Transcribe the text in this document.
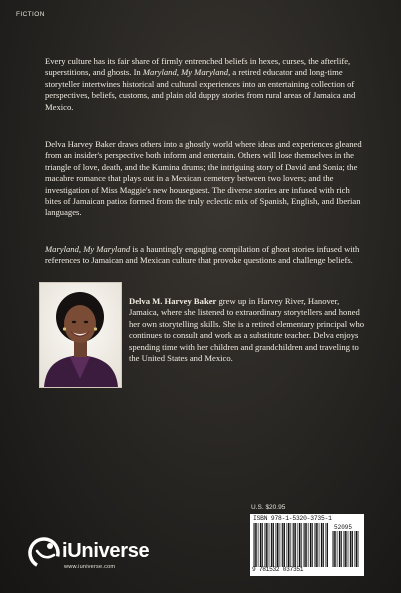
FICTION

Every culture has its fair share of firmly entrenched beliefs in hexes, curses, the afterlife, superstitions, and ghosts. In Maryland, My Maryland, a retired educator and long-time storyteller intertwines historical and cultural experiences into an entertaining collection of perspectives, beliefs, customs, and plain old duppy stories from rural areas of Jamaica and Mexico.

Delva Harvey Baker draws others into a ghostly world where ideas and experiences gleaned from an insider's perspective both inform and entertain. Others will lose themselves in the triangle of love, death, and the Kumina drums; the intriguing story of David and Sonia; the macabre romance that plays out in a Mexican cemetery between two lovers; and the investigation of Miss Maggie's new houseguest. The diverse stories are infused with rich bites of Jamaican patios formed from the truly eclectic mix of Spanish, English, and Iberian languages.

Maryland, My Maryland is a hauntingly engaging compilation of ghost stories infused with references to Jamaican and Mexican culture that provoke questions and challenge beliefs.

Delva M. Harvey Baker grew up in Harvey River, Hanover, Jamaica, where she listened to extraordinary storytellers and honed her own storytelling skills. She is a retired elementary principal who continues to consult and work as a substitute teacher. Delva enjoys spending time with her children and grandchildren and traveling to the United States and Mexico.

U.S. $20.95
ISBN 978-1-5320-3735-1
52095
9 781532 037351
iUniverse
www.iuniverse.com
